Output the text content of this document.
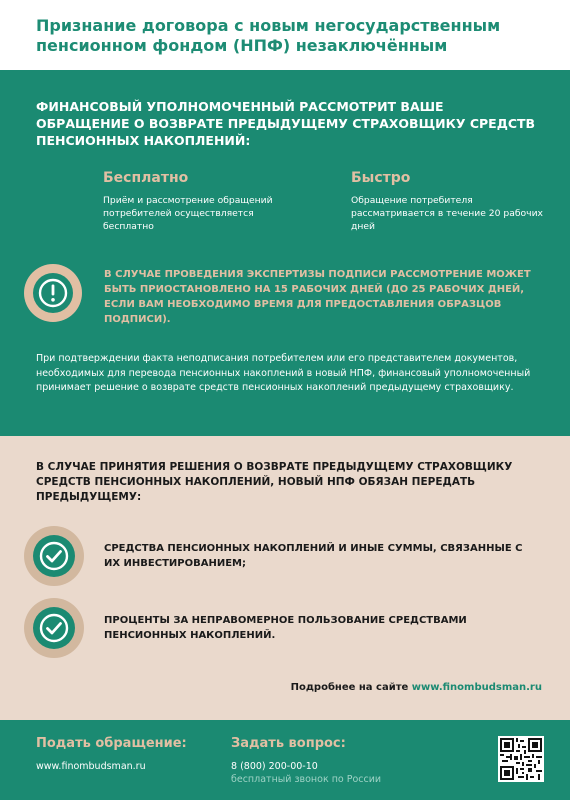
Признание договора с новым негосударственным пенсионном фондом (НПФ) незаключённым
ФИНАНСОВЫЙ УПОЛНОМОЧЕННЫЙ РАССМОТРИТ ВАШЕ ОБРАЩЕНИЕ О ВОЗВРАТЕ ПРЕДЫДУЩЕМУ СТРАХОВЩИКУ СРЕДСТВ ПЕНСИОННЫХ НАКОПЛЕНИЙ:
Бесплатно
Приём и рассмотрение обращений потребителей осуществляется бесплатно
Быстро
Обращение потребителя рассматривается в течение 20 рабочих дней
В СЛУЧАЕ ПРОВЕДЕНИЯ ЭКСПЕРТИЗЫ ПОДПИСИ РАССМОТРЕНИЕ МОЖЕТ БЫТЬ ПРИОСТАНОВЛЕНО НА 15 РАБОЧИХ ДНЕЙ (ДО 25 РАБОЧИХ ДНЕЙ, ЕСЛИ ВАМ НЕОБХОДИМО ВРЕМЯ ДЛЯ ПРЕДОСТАВЛЕНИЯ ОБРАЗЦОВ ПОДПИСИ).
При подтверждении факта неподписания потребителем или его представителем документов, необходимых для перевода пенсионных накоплений в новый НПФ, финансовый уполномоченный принимает решение о возврате средств пенсионных накоплений предыдущему страховщику.
В СЛУЧАЕ ПРИНЯТИЯ РЕШЕНИЯ О ВОЗВРАТЕ ПРЕДЫДУЩЕМУ СТРАХОВЩИКУ СРЕДСТВ ПЕНСИОННЫХ НАКОПЛЕНИЙ, НОВЫЙ НПФ ОБЯЗАН ПЕРЕДАТЬ ПРЕДЫДУЩЕМУ:
СРЕДСТВА ПЕНСИОННЫХ НАКОПЛЕНИЙ И ИНЫЕ СУММЫ, СВЯЗАННЫЕ С ИХ ИНВЕСТИРОВАНИЕМ;
ПРОЦЕНТЫ ЗА НЕПРАВОМЕРНОЕ ПОЛЬЗОВАНИЕ СРЕДСТВАМИ ПЕНСИОННЫХ НАКОПЛЕНИЙ.
Подробнее на сайте www.finombudsman.ru
Подать обращение:
www.finombudsman.ru
Задать вопрос:
8 (800) 200-00-10
бесплатный звонок по России
